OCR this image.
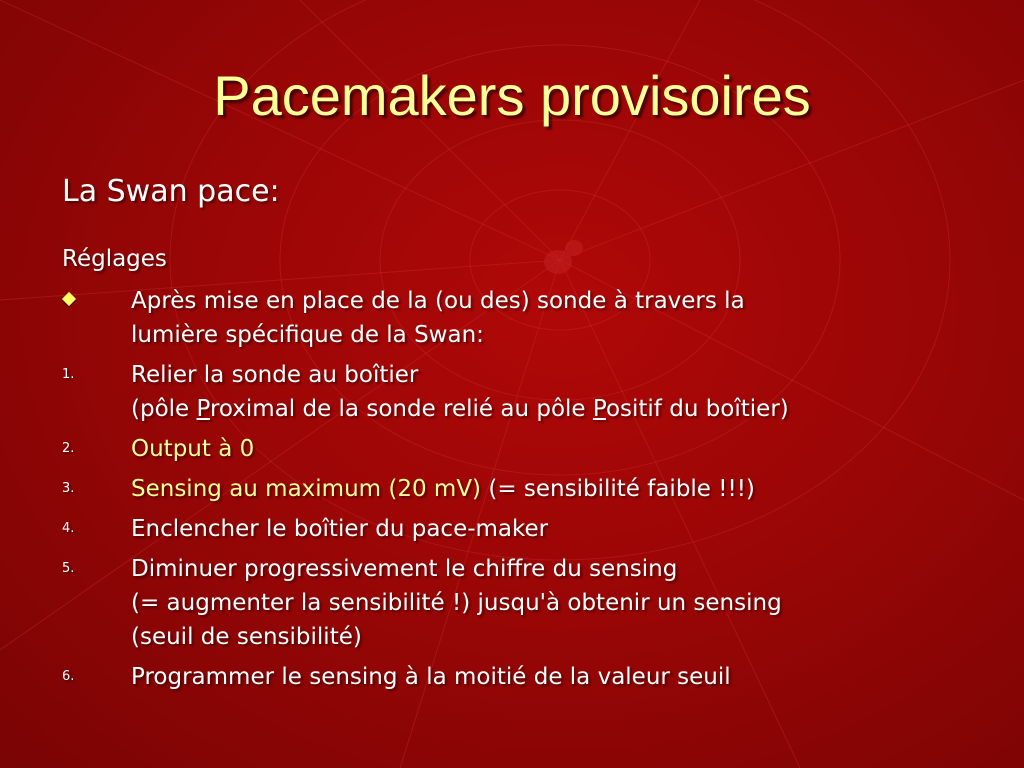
Pacemakers provisoires
La Swan pace:
Réglages
Après mise en place de la (ou des) sonde à travers la
lumière spécifique de la Swan:
1. Relier la sonde au boîtier
(pôle Proximal de la sonde relié au pôle Positif du boîtier)
2. Output à 0
3. Sensing au maximum (20 mV) (= sensibilité faible !!!)
4. Enclencher le boîtier du pace-maker
5. Diminuer progressivement le chiffre du sensing
(= augmenter la sensibilité !) jusqu'à obtenir un sensing
(seuil de sensibilité)
6. Programmer le sensing à la moitié de la valeur seuil
